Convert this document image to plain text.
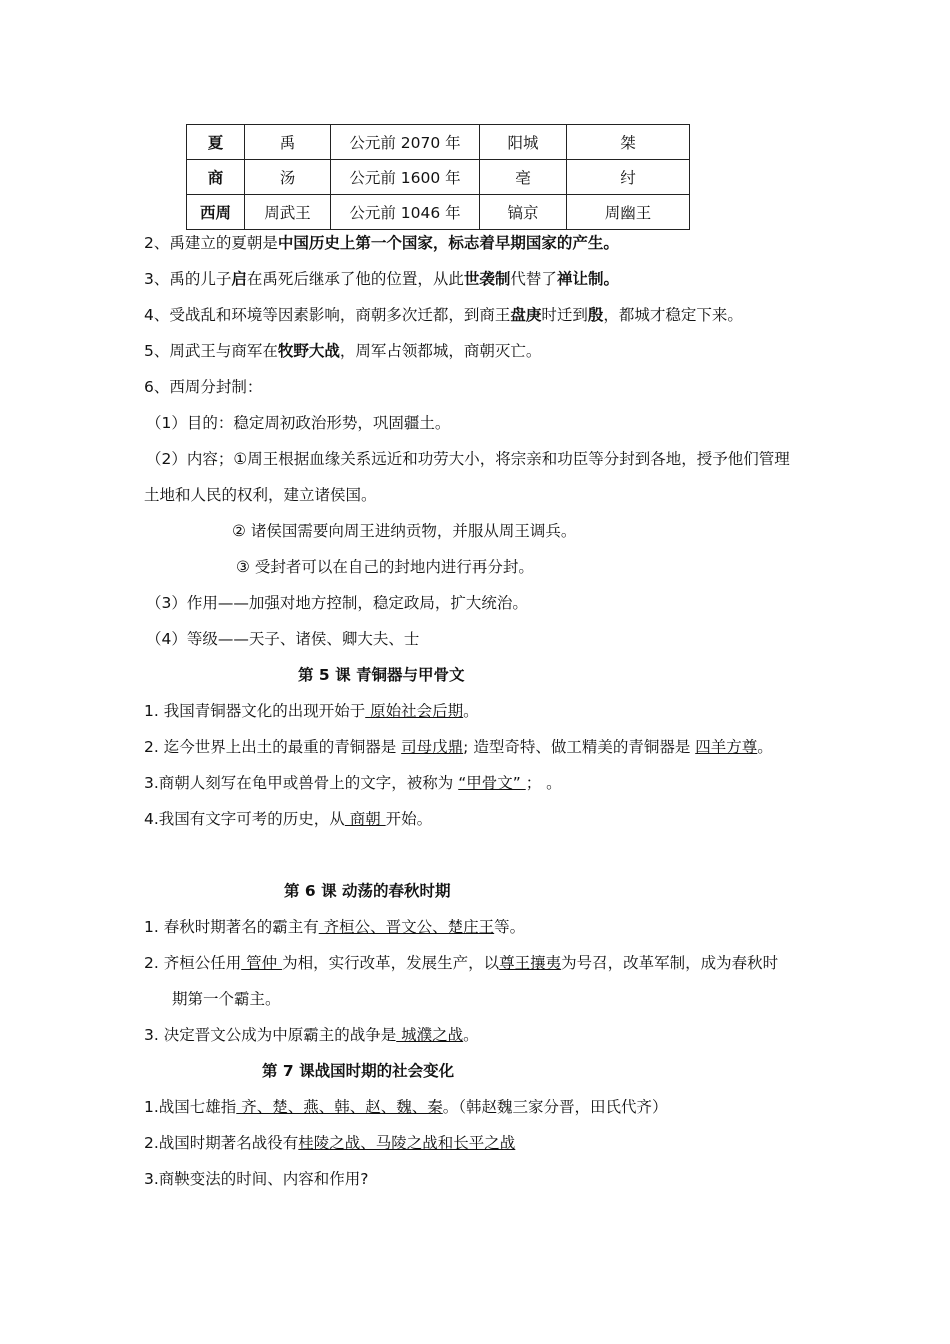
夏	禹	公元前 2070 年	阳城	桀
商	汤	公元前 1600 年	亳	纣
西周	周武王	公元前 1046 年	镐京	周幽王
2、禹建立的夏朝是中国历史上第一个国家，标志着早期国家的产生。
3、禹的儿子启在禹死后继承了他的位置，从此世袭制代替了禅让制。
4、受战乱和环境等因素影响，商朝多次迁都，到商王盘庚时迁到殷，都城才稳定下来。
5、周武王与商军在牧野大战，周军占领都城，商朝灭亡。
6、西周分封制：
（1）目的：稳定周初政治形势，巩固疆土。
（2）内容；①周王根据血缘关系远近和功劳大小，将宗亲和功臣等分封到各地，授予他们管理
土地和人民的权利，建立诸侯国。
② 诸侯国需要向周王进纳贡物，并服从周王调兵。
③ 受封者可以在自己的封地内进行再分封。
（3）作用——加强对地方控制，稳定政局，扩大统治。
（4）等级——天子、诸侯、卿大夫、士
第 5 课 青铜器与甲骨文
1. 我国青铜器文化的出现开始于 原始社会后期。
2. 迄今世界上出土的最重的青铜器是 司母戊鼎; 造型奇特、做工精美的青铜器是 四羊方尊。
3.商朝人刻写在龟甲或兽骨上的文字，被称为 “甲骨文” ； 。
4.我国有文字可考的历史，从 商朝 开始。
第 6 课 动荡的春秋时期
1. 春秋时期著名的霸主有 齐桓公、晋文公、楚庄王等。
2. 齐桓公任用 管仲 为相，实行改革，发展生产，以尊王攘夷为号召，改革军制，成为春秋时
期第一个霸主。
3. 决定晋文公成为中原霸主的战争是 城濮之战。
第 7 课战国时期的社会变化
1.战国七雄指 齐、楚、燕、韩、赵、魏、秦。（韩赵魏三家分晋，田氏代齐）
2.战国时期著名战役有桂陵之战、马陵之战和长平之战
3.商鞅变法的时间、内容和作用?
